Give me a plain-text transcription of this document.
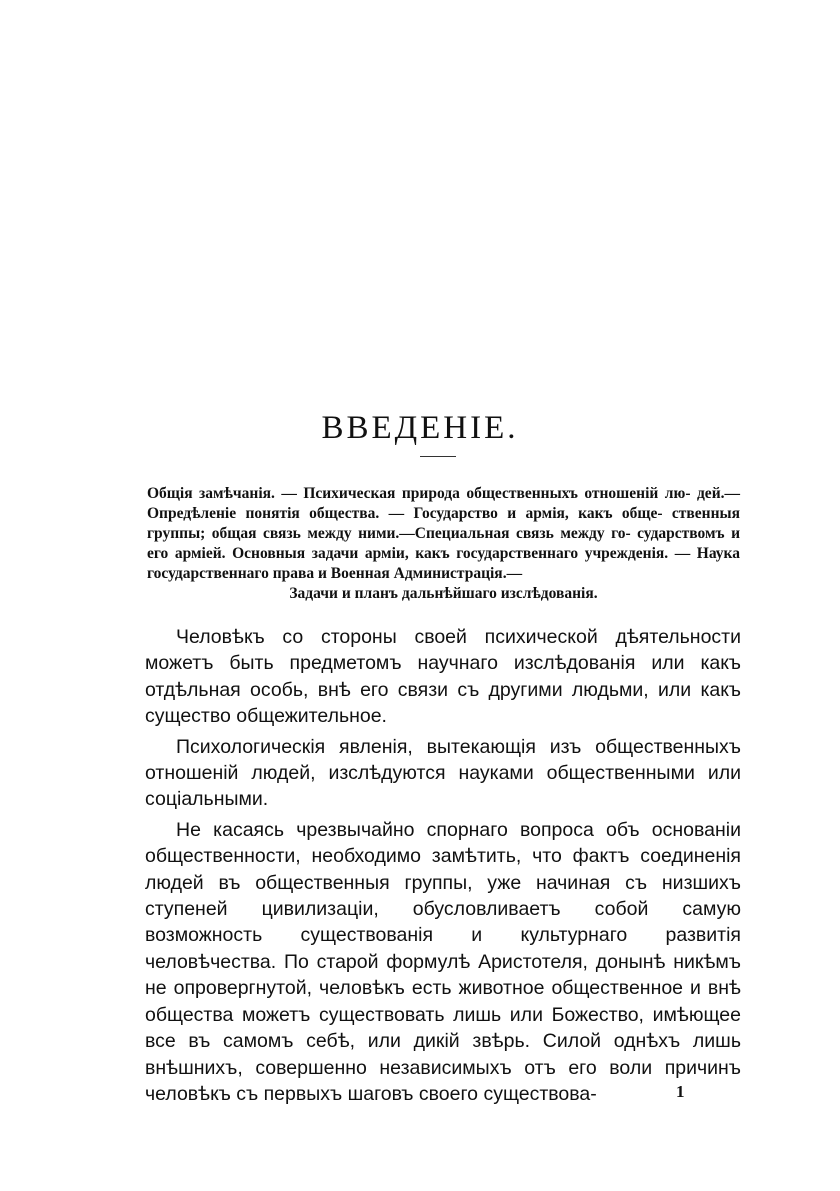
ВВЕДЕНІЕ.
Общія замѣчанія. — Психическая природа общественныхъ отношеній лю- дей.—Опредѣленіе понятія общества. — Государство и армія, какъ обще- ственныя группы; общая связь между ними.—Специальная связь между го- сударствомъ и его арміей. Основныя задачи арміи, какъ государственнаго учрежденія. — Наука государственнаго права и Военная Администрація.—
Задачи и планъ дальнѣйшаго изслѣдованія.

Человѣкъ со стороны своей психической дѣятельности можетъ быть предметомъ научнаго изслѣдованія или какъ отдѣльная особь, внѣ его связи съ другими людьми, или какъ существо общежительное.

Психологическія явленія, вытекающія изъ общественныхъ отношеній людей, изслѣдуются науками общественными или соціальными.

Не касаясь чрезвычайно спорнаго вопроса объ основаніи общественности, необходимо замѣтить, что фактъ соединенія людей въ общественныя группы, уже начиная съ низшихъ ступеней цивилизаціи, обусловливаетъ собой самую возможность существованія и культурнаго развитія человѣчества. По старой формулѣ Аристотеля, донынѣ никѣмъ не опровергнутой, человѣкъ есть животное общественное и внѣ общества можетъ существовать лишь или Божество, имѣющее все въ самомъ себѣ, или дикій звѣрь. Силой однѣхъ лишь внѣшнихъ, совершенно независимыхъ отъ его воли причинъ человѣкъ съ первыхъ шаговъ своего существова-	1
